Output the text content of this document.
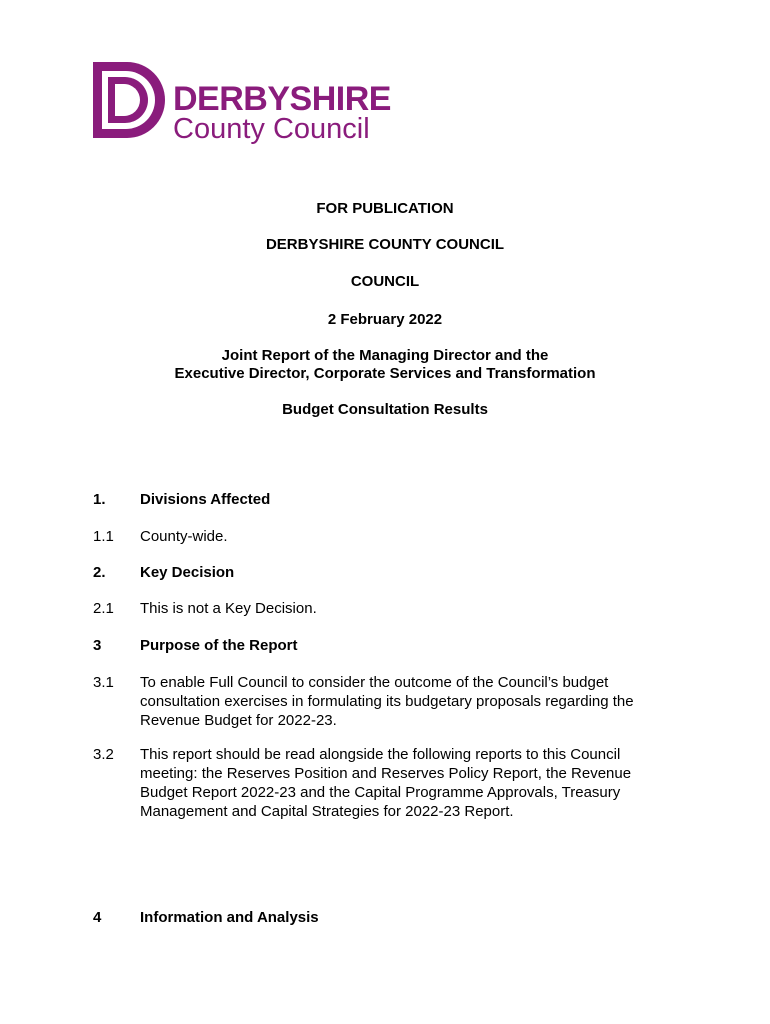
DERBYSHIRE
County Council
FOR PUBLICATION
DERBYSHIRE COUNTY COUNCIL
COUNCIL
2 February 2022
Joint Report of the Managing Director and the
Executive Director, Corporate Services and Transformation
Budget Consultation Results
1. Divisions Affected
1.1 County-wide.
2. Key Decision
2.1 This is not a Key Decision.
3	Purpose of the Report
3.1 To enable Full Council to consider the outcome of the Council’s budget consultation exercises in formulating its budgetary proposals regarding the Revenue Budget for 2022-23.
3.2 This report should be read alongside the following reports to this Council meeting: the Reserves Position and Reserves Policy Report, the Revenue Budget Report 2022-23 and the Capital Programme Approvals, Treasury Management and Capital Strategies for 2022-23 Report.
4	Information and Analysis
